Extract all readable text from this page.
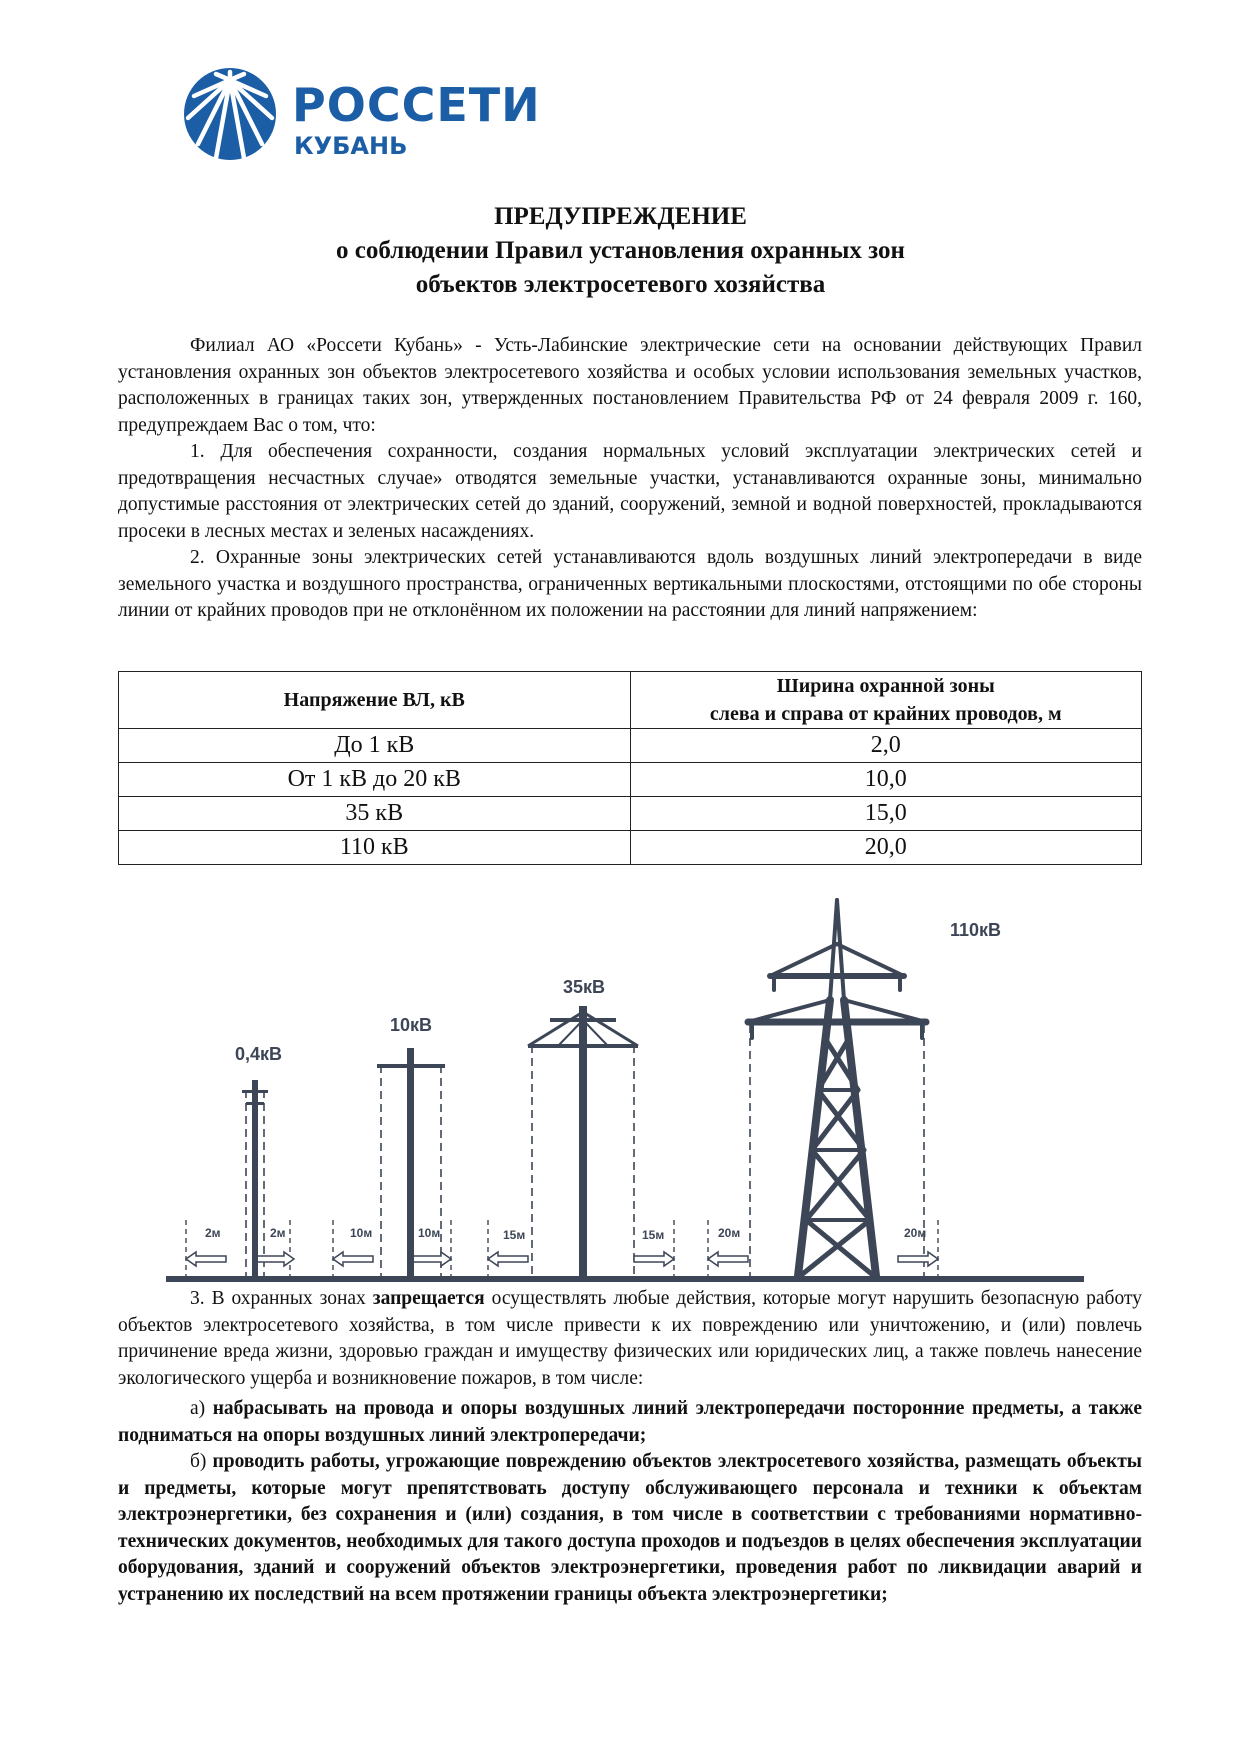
РОССЕТИ
КУБАНЬ
ПРЕДУПРЕЖДЕНИЕ
о соблюдении Правил установления охранных зон
объектов электросетевого хозяйства

Филиал АО «Россети Кубань» - Усть-Лабинские электрические сети на основании действующих Правил установления охранных зон объектов электросетевого хозяйства и особых условии использования земельных участков, расположенных в границах таких зон, утвержденных постановлением Правительства РФ от 24 февраля 2009 г. 160, предупреждаем Вас о том, что:

1. Для обеспечения сохранности, создания нормальных условий эксплуатации электрических сетей и предотвращения несчастных случае» отводятся земельные участки, устанавливаются охранные зоны, минимально допустимые расстояния от электрических сетей до зданий, сооружений, земной и водной поверхностей, прокладываются просеки в лесных местах и зеленых насаждениях.

2. Охранные зоны электрических сетей устанавливаются вдоль воздушных линий электропередачи в виде земельного участка и воздушного пространства, ограниченных вертикальными плоскостями, отстоящими по обе стороны линии от крайних проводов при не отклонённом их положении на расстоянии для линий напряжением:

Напряжение ВЛ, кВ	Ширина охранной зоны
слева и справа от крайних проводов, м
До 1 кВ	2,0
От 1 кВ до 20 кВ	10,0
35 кВ	15,0
110 кВ	20,0
2м	2м	10м	10м	15м	15м	20м	20м
0,4кВ
10кВ
35кВ
110кВ

3. В охранных зонах запрещается осуществлять любые действия, которые могут нарушить безопасную работу объектов электросетевого хозяйства, в том числе привести к их повреждению или уничтожению, и (или) повлечь причинение вреда жизни, здоровью граждан и имуществу физических или юридических лиц, а также повлечь нанесение экологического ущерба и возникновение пожаров, в том числе:

а) набрасывать на провода и опоры воздушных линий электропередачи посторонние предметы, а также подниматься на опоры воздушных линий электропередачи;

б) проводить работы, угрожающие повреждению объектов электросетевого хозяйства, размещать объекты и предметы, которые могут препятствовать доступу обслуживающего персонала и техники к объектам электроэнергетики, без сохранения и (или) создания, в том числе в соответствии с требованиями нормативно-технических документов, необходимых для такого доступа проходов и подъездов в целях обеспечения эксплуатации оборудования, зданий и сооружений объектов электроэнергетики, проведения работ по ликвидации аварий и устранению их последствий на всем протяжении границы объекта электроэнергетики;
